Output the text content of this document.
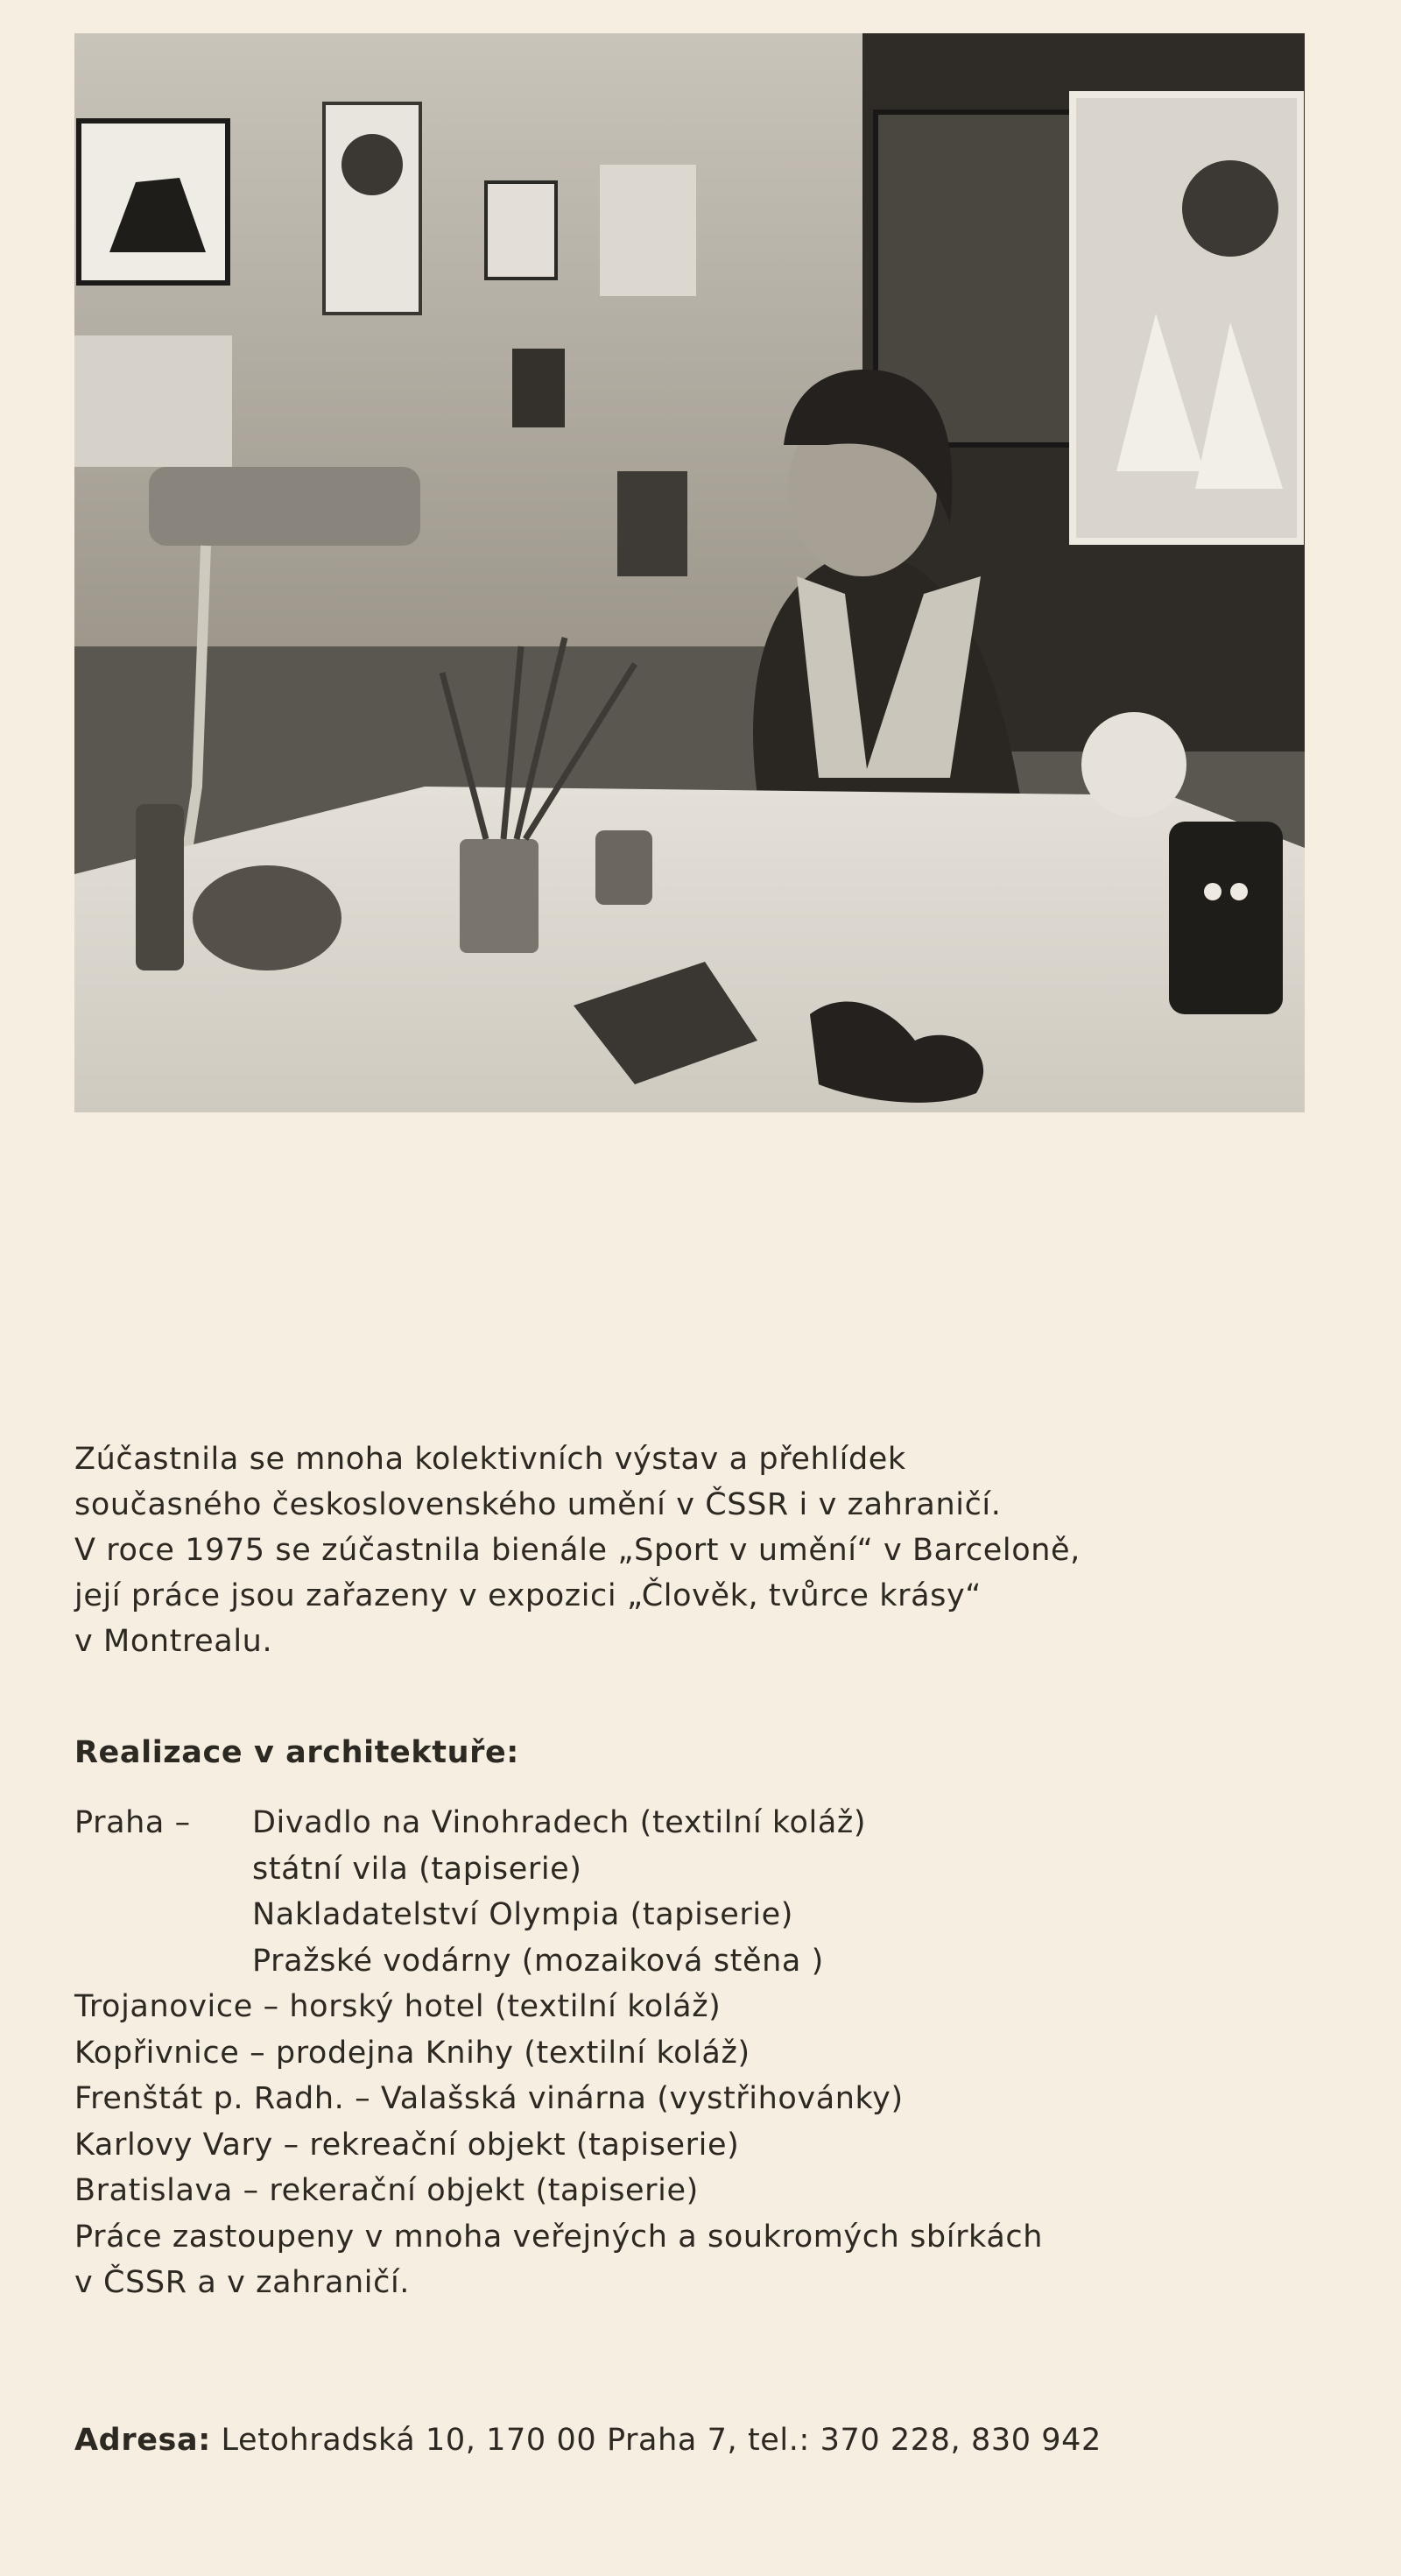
Zúčastnila se mnoha kolektivních výstav a přehlídek

současného československého umění v ČSSR i v zahraničí.

V roce 1975 se zúčastnila bienále „Sport v umění“ v Barceloně,

její práce jsou zařazeny v expozici „Člověk, tvůrce krásy“

v Montrealu.

Realizace v architektuře:
Praha – Divadlo na Vinohradech (textilní koláž)
státní vila (tapiserie)
Nakladatelství Olympia (tapiserie)
Pražské vodárny (mozaiková stěna )
Trojanovice – horský hotel (textilní koláž)
Kopřivnice – prodejna Knihy (textilní koláž)
Frenštát p. Radh. – Valašská vinárna (vystřihovánky)
Karlovy Vary – rekreační objekt (tapiserie)
Bratislava – rekerační objekt (tapiserie)
Práce zastoupeny v mnoha veřejných a soukromých sbírkách
v ČSSR a v zahraničí.
Adresa: Letohradská 10, 170 00 Praha 7, tel.: 370 228, 830 942
